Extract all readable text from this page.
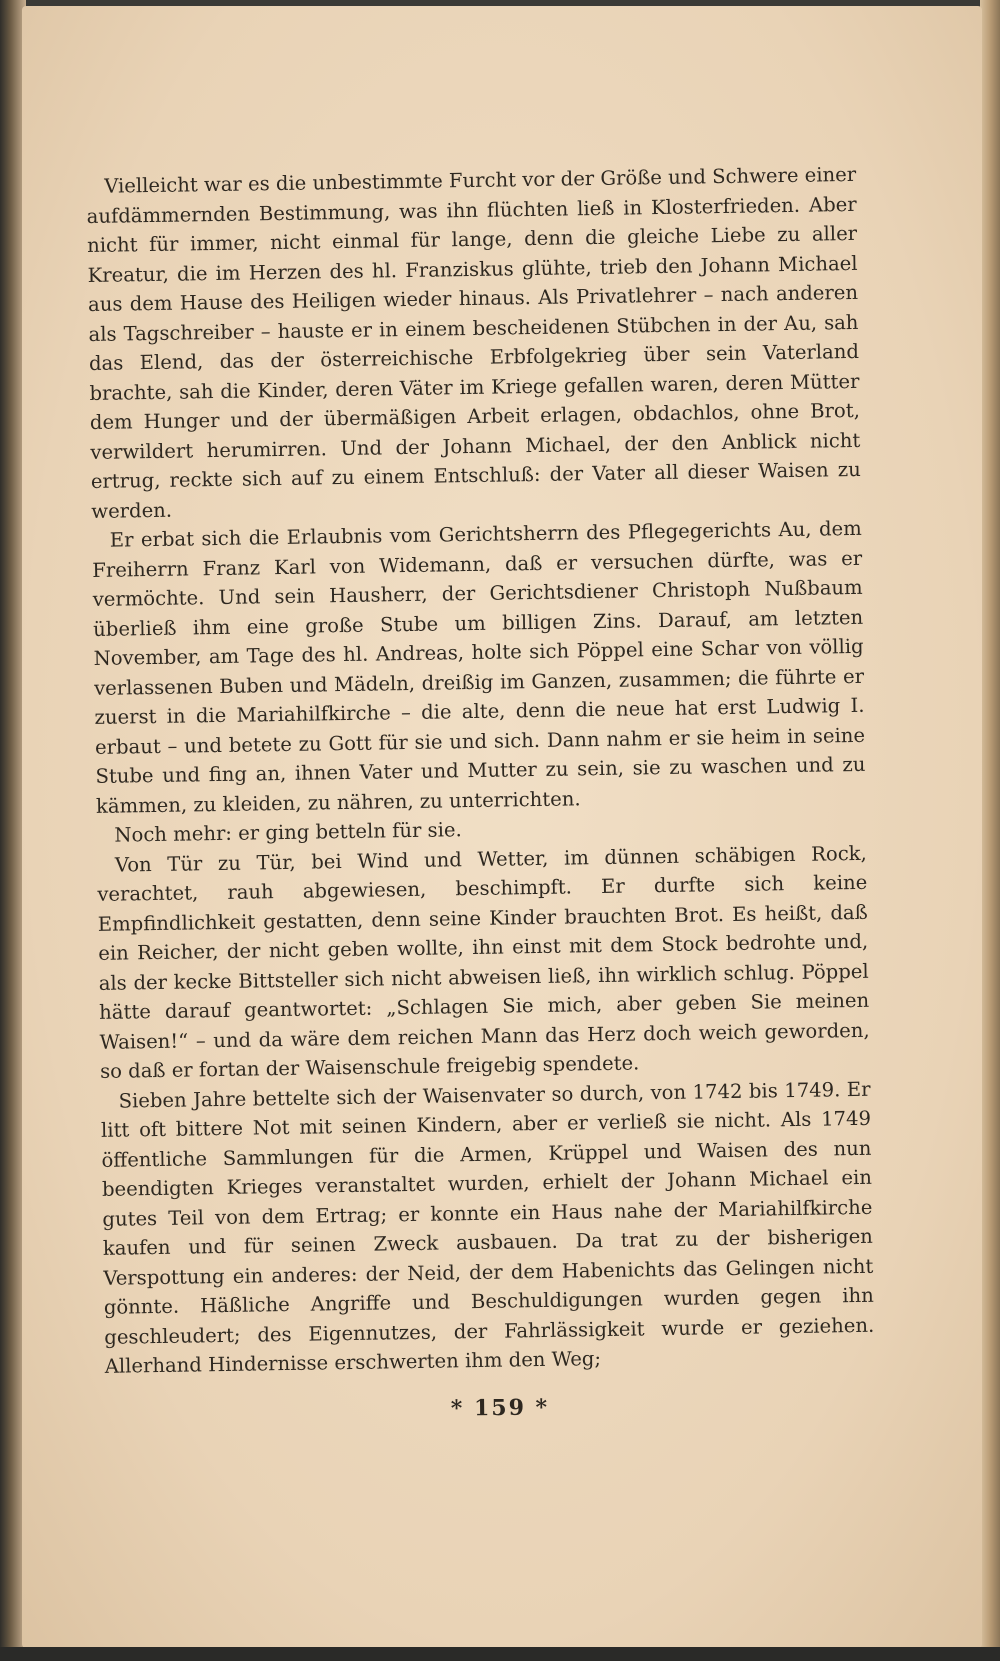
Vielleicht war es die unbestimmte Furcht vor der Größe und Schwere einer aufdämmernden Bestimmung, was ihn flüchten ließ in Klosterfrieden. Aber nicht für immer, nicht einmal für lange, denn die gleiche Liebe zu aller Kreatur, die im Herzen des hl. Franziskus glühte, trieb den Johann Michael aus dem Hause des Heiligen wieder hinaus. Als Privatlehrer – nach anderen als Tagschreiber – hauste er in einem bescheidenen Stübchen in der Au, sah das Elend, das der österreichische Erbfolgekrieg über sein Vaterland brachte, sah die Kinder, deren Väter im Kriege gefallen waren, deren Mütter dem Hunger und der übermäßigen Arbeit erlagen, obdachlos, ohne Brot, verwildert herumirren. Und der Johann Michael, der den Anblick nicht ertrug, reckte sich auf zu einem Entschluß: der Vater all dieser Waisen zu werden.

Er erbat sich die Erlaubnis vom Gerichtsherrn des Pflegegerichts Au, dem Freiherrn Franz Karl von Widemann, daß er versuchen dürfte, was er vermöchte. Und sein Hausherr, der Gerichtsdiener Christoph Nußbaum überließ ihm eine große Stube um billigen Zins. Darauf, am letzten November, am Tage des hl. Andreas, holte sich Pöppel eine Schar von völlig verlassenen Buben und Mädeln, dreißig im Ganzen, zusammen; die führte er zuerst in die Mariahilfkirche – die alte, denn die neue hat erst Ludwig I. erbaut – und betete zu Gott für sie und sich. Dann nahm er sie heim in seine Stube und fing an, ihnen Vater und Mutter zu sein, sie zu waschen und zu kämmen, zu kleiden, zu nähren, zu unterrichten.

Noch mehr: er ging betteln für sie.

Von Tür zu Tür, bei Wind und Wetter, im dünnen schäbigen Rock, verachtet, rauh abgewiesen, beschimpft. Er durfte sich keine Empfindlichkeit gestatten, denn seine Kinder brauchten Brot. Es heißt, daß ein Reicher, der nicht geben wollte, ihn einst mit dem Stock bedrohte und, als der kecke Bittsteller sich nicht abweisen ließ, ihn wirklich schlug. Pöppel hätte darauf geantwortet: „Schlagen Sie mich, aber geben Sie meinen Waisen!“ – und da wäre dem reichen Mann das Herz doch weich geworden, so daß er fortan der Waisenschule freigebig spendete.

Sieben Jahre bettelte sich der Waisenvater so durch, von 1742 bis 1749. Er litt oft bittere Not mit seinen Kindern, aber er verließ sie nicht. Als 1749 öffentliche Sammlungen für die Armen, Krüppel und Waisen des nun beendigten Krieges veranstaltet wurden, erhielt der Johann Michael ein gutes Teil von dem Ertrag; er konnte ein Haus nahe der Mariahilfkirche kaufen und für seinen Zweck ausbauen. Da trat zu der bisherigen Verspottung ein anderes: der Neid, der dem Habenichts das Gelingen nicht gönnte. Häßliche Angriffe und Beschuldigungen wurden gegen ihn geschleudert; des Eigennutzes, der Fahrlässigkeit wurde er geziehen. Allerhand Hindernisse erschwerten ihm den Weg;

* 159 *
